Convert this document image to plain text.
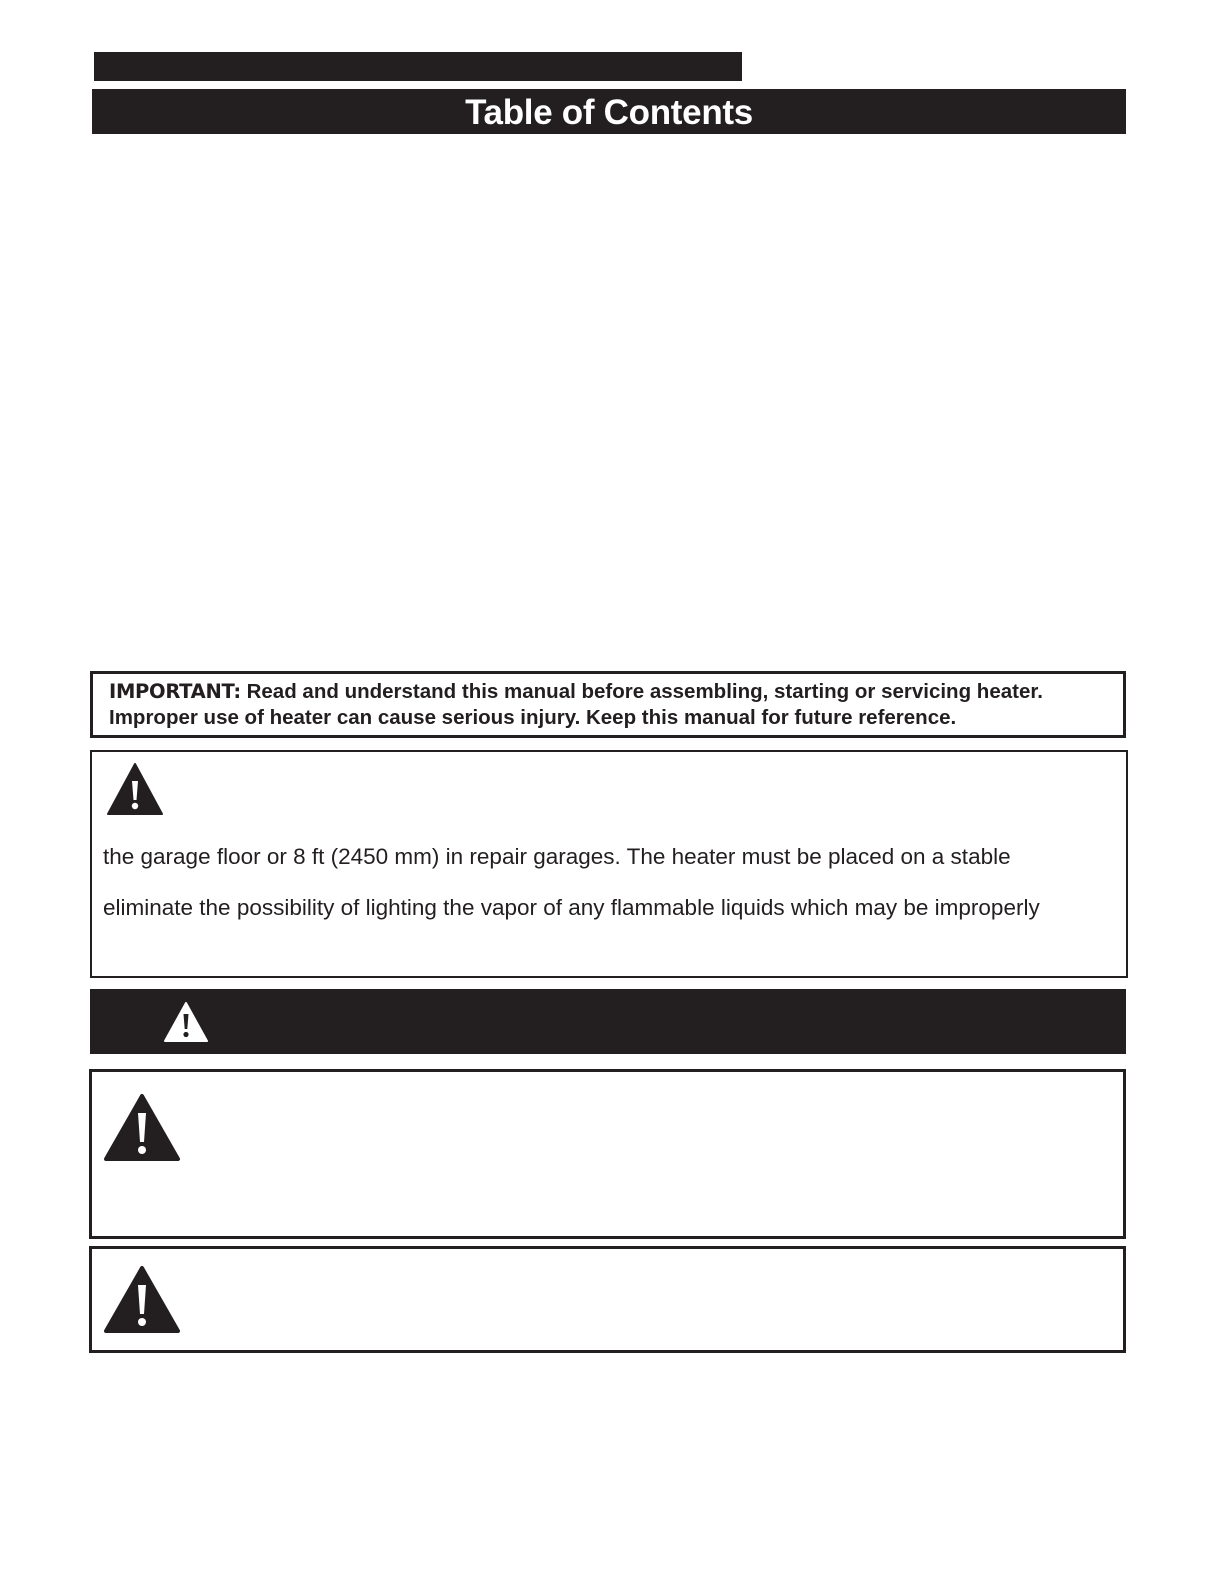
Table of Contents
IMPORTANT: Read and understand this manual before assembling, starting or servicing heater.
Improper use of heater can cause serious injury. Keep this manual for future reference.
the garage floor or 8 ft (2450 mm) in repair garages. The heater must be placed on a stable
eliminate the possibility of lighting the vapor of any flammable liquids which may be improperly
